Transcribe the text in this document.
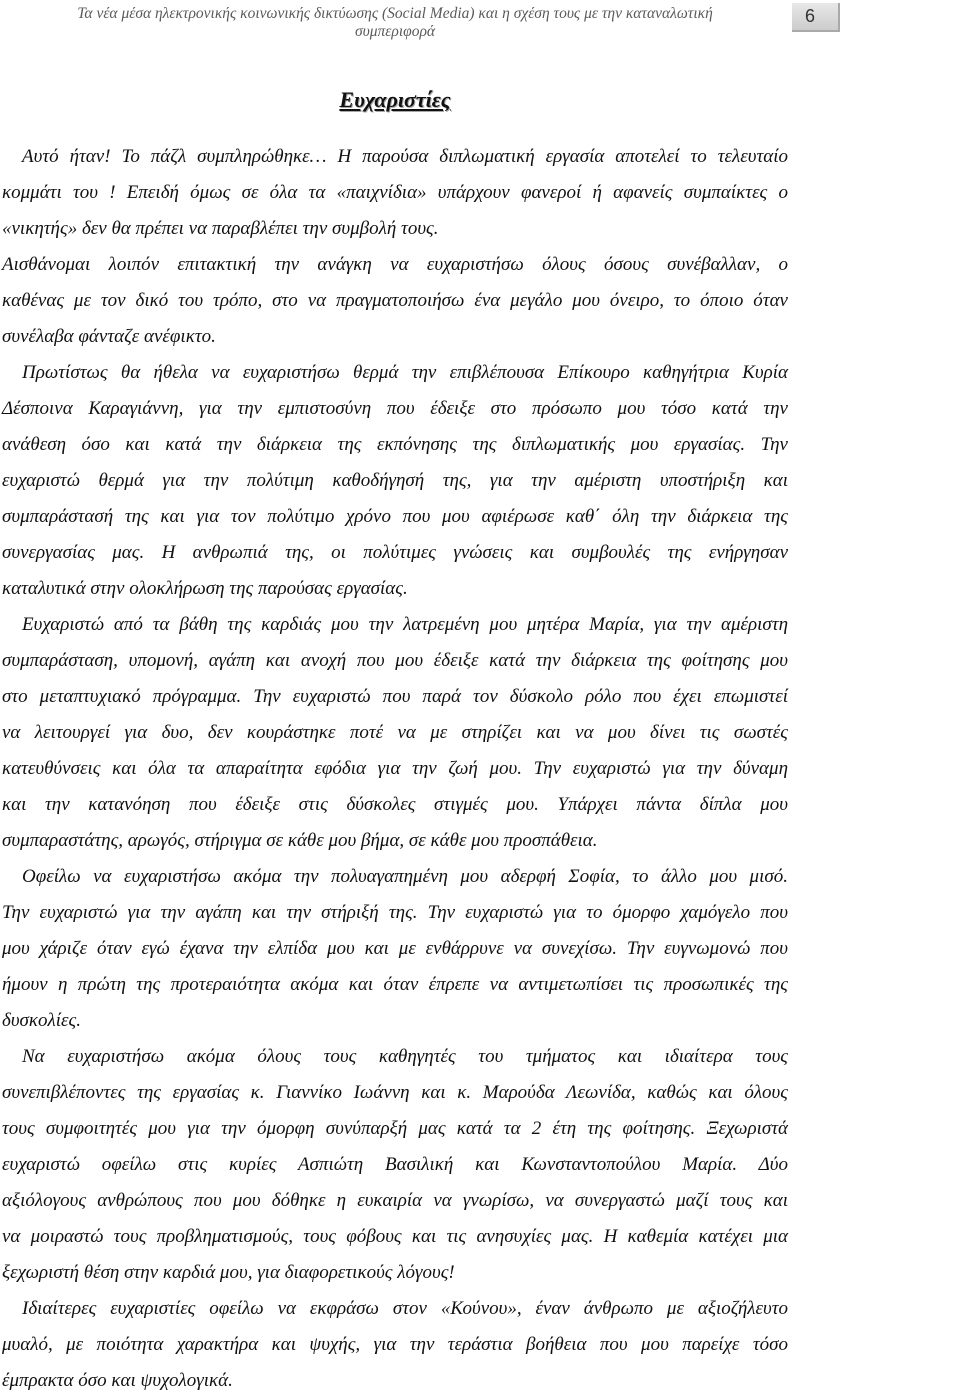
Τα νέα μέσα ηλεκτρονικής κοινωνικής δικτύωσης (Social Media) και η σχέση τους με την καταναλωτική
συμπεριφορά
6
Ευχαριστίες
Αυτό ήταν! Το πάζλ συμπληρώθηκε… Η παρούσα διπλωματική εργασία αποτελεί το τελευταίο
κομμάτι του ! Επειδή όμως σε όλα τα «παιχνίδια» υπάρχουν φανεροί ή αφανείς συμπαίκτες ο
«νικητής» δεν θα πρέπει να παραβλέπει την συμβολή τους.
Αισθάνομαι λοιπόν επιτακτική την ανάγκη να ευχαριστήσω όλους όσους συνέβαλλαν, ο
καθένας με τον δικό του τρόπο, στο να πραγματοποιήσω ένα μεγάλο μου όνειρο, το όποιο όταν
συνέλαβα φάνταζε ανέφικτο.
Πρωτίστως θα ήθελα να ευχαριστήσω θερμά την επιβλέπουσα Επίκουρο καθηγήτρια Κυρία
Δέσποινα Καραγιάννη, για την εμπιστοσύνη που έδειξε στο πρόσωπο μου τόσο κατά την
ανάθεση όσο και κατά την διάρκεια της εκπόνησης της διπλωματικής μου εργασίας. Την
ευχαριστώ θερμά για την πολύτιμη καθοδήγησή της, για την αμέριστη υποστήριξη και
συμπαράστασή της και για τον πολύτιμο χρόνο που μου αφιέρωσε καθ΄ όλη την διάρκεια της
συνεργασίας μας. Η ανθρωπιά της, οι πολύτιμες γνώσεις και συμβουλές της ενήργησαν
καταλυτικά στην ολοκλήρωση της παρούσας εργασίας.
Ευχαριστώ από τα βάθη της καρδιάς μου την λατρεμένη μου μητέρα Μαρία, για την αμέριστη
συμπαράσταση, υπομονή, αγάπη και ανοχή που μου έδειξε κατά την διάρκεια της φοίτησης μου
στο μεταπτυχιακό πρόγραμμα. Την ευχαριστώ που παρά τον δύσκολο ρόλο που έχει επωμιστεί
να λειτουργεί για δυο, δεν κουράστηκε ποτέ να με στηρίζει και να μου δίνει τις σωστές
κατευθύνσεις και όλα τα απαραίτητα εφόδια για την ζωή μου. Την ευχαριστώ για την δύναμη
και την κατανόηση που έδειξε στις δύσκολες στιγμές μου. Υπάρχει πάντα δίπλα μου
συμπαραστάτης, αρωγός, στήριγμα σε κάθε μου βήμα, σε κάθε μου προσπάθεια.
Οφείλω να ευχαριστήσω ακόμα την πολυαγαπημένη μου αδερφή Σοφία, το άλλο μου μισό.
Την ευχαριστώ για την αγάπη και την στήριξή της. Την ευχαριστώ για το όμορφο χαμόγελο που
μου χάριζε όταν εγώ έχανα την ελπίδα μου και με ενθάρρυνε να συνεχίσω. Την ευγνωμονώ που
ήμουν η πρώτη της προτεραιότητα ακόμα και όταν έπρεπε να αντιμετωπίσει τις προσωπικές της
δυσκολίες.
Να ευχαριστήσω ακόμα όλους τους καθηγητές του τμήματος και ιδιαίτερα τους
συνεπιβλέποντες της εργασίας κ. Γιαννίκο Ιωάννη και κ. Μαρούδα Λεωνίδα, καθώς και όλους
τους συμφοιτητές μου για την όμορφη συνύπαρξή μας κατά τα 2 έτη της φοίτησης. Ξεχωριστά
ευχαριστώ οφείλω στις κυρίες Ασπιώτη Βασιλική και Κωνσταντοπούλου Μαρία. Δύο
αξιόλογους ανθρώπους που μου δόθηκε η ευκαιρία να γνωρίσω, να συνεργαστώ μαζί τους και
να μοιραστώ τους προβληματισμούς, τους φόβους και τις ανησυχίες μας. Η καθεμία κατέχει μια
ξεχωριστή θέση στην καρδιά μου, για διαφορετικούς λόγους!
Ιδιαίτερες ευχαριστίες οφείλω να εκφράσω στον «Κούνου», έναν άνθρωπο με αξιοζήλευτο
μυαλό, με ποιότητα χαρακτήρα και ψυχής, για την τεράστια βοήθεια που μου παρείχε τόσο
έμπρακτα όσο και ψυχολογικά.
